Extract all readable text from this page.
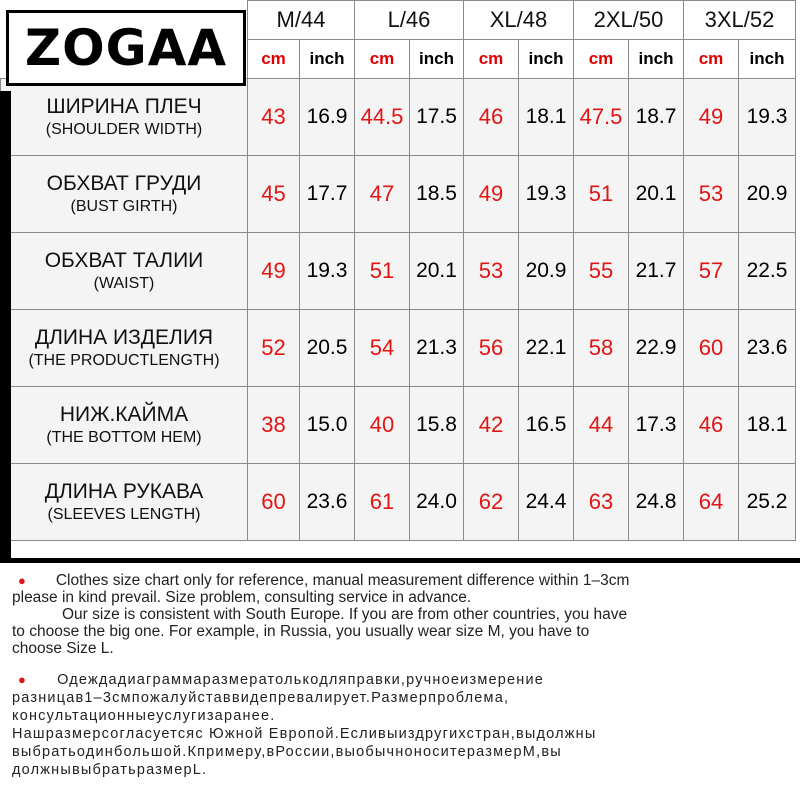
	M/44		L/46		XL/48		2XL/50		3XL/52	
	cm	inch	cm	inch	cm	inch	cm	inch	cm	inch

ШИРИНА ПЛЕЧ
(SHOULDER WIDTH)	43	16.9	44.5	17.5	46	18.1	47.5	18.7	49	19.3

ОБХВАТ ГРУДИ
(BUST GIRTH)	45	17.7	47	18.5	49	19.3	51	20.1	53	20.9

ОБХВАТ ТАЛИИ
(WAIST)	49	19.3	51	20.1	53	20.9	55	21.7	57	22.5

ДЛИНА ИЗДЕЛИЯ
(THE PRODUCTLENGTH)	52	20.5	54	21.3	56	22.1	58	22.9	60	23.6

НИЖ.КАЙМА
(THE BOTTOM HEM)	38	15.0	40	15.8	42	16.5	44	17.3	46	18.1

ДЛИНА РУКАВА
(SLEEVES LENGTH)	60	23.6	61	24.0	62	24.4	63	24.8	64	25.2
ZOGAA
● Clothes size chart only for reference, manual measurement difference within 1–3cm
please in kind prevail. Size problem, consulting service in advance.
Our size is consistent with South Europe. If you are from other countries, you have
to choose the big one. For example, in Russia, you usually wear size M, you have to
choose Size L.
● Одеждадиаграммаразмератолькодляправки,ручноеизмерение
разницав1–3смпожалуйставвидепревалирует.Размерпроблема,
консультационныеуслугизаранее.
Нашразмерсогласуетсяс Южной Европой.Есливыиздругихстран,выдолжны
выбратьодинбольшой.Кпримеру,вРоссии,выобычноноситеразмерМ,вы
должнывыбратьразмерL.
